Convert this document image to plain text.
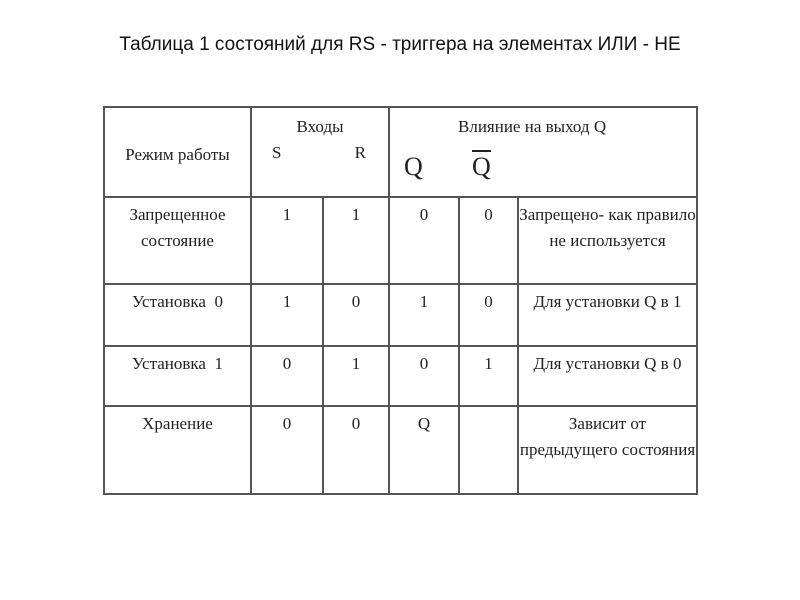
Таблица 1 состояний для RS - триггера на элементах ИЛИ - НЕ
Режим работы	Входы
S R		Влияние на выход Q
Q Q		

Запрещенное состояние	1	1	0	0	Запрещено- как правило не используется

Установка  0	1	0	1	0	Для установки Q в 1

Установка  1	0	1	0	1	Для установки Q в 0

Хранение	0	0	Q		Зависит от предыдущего состояния
